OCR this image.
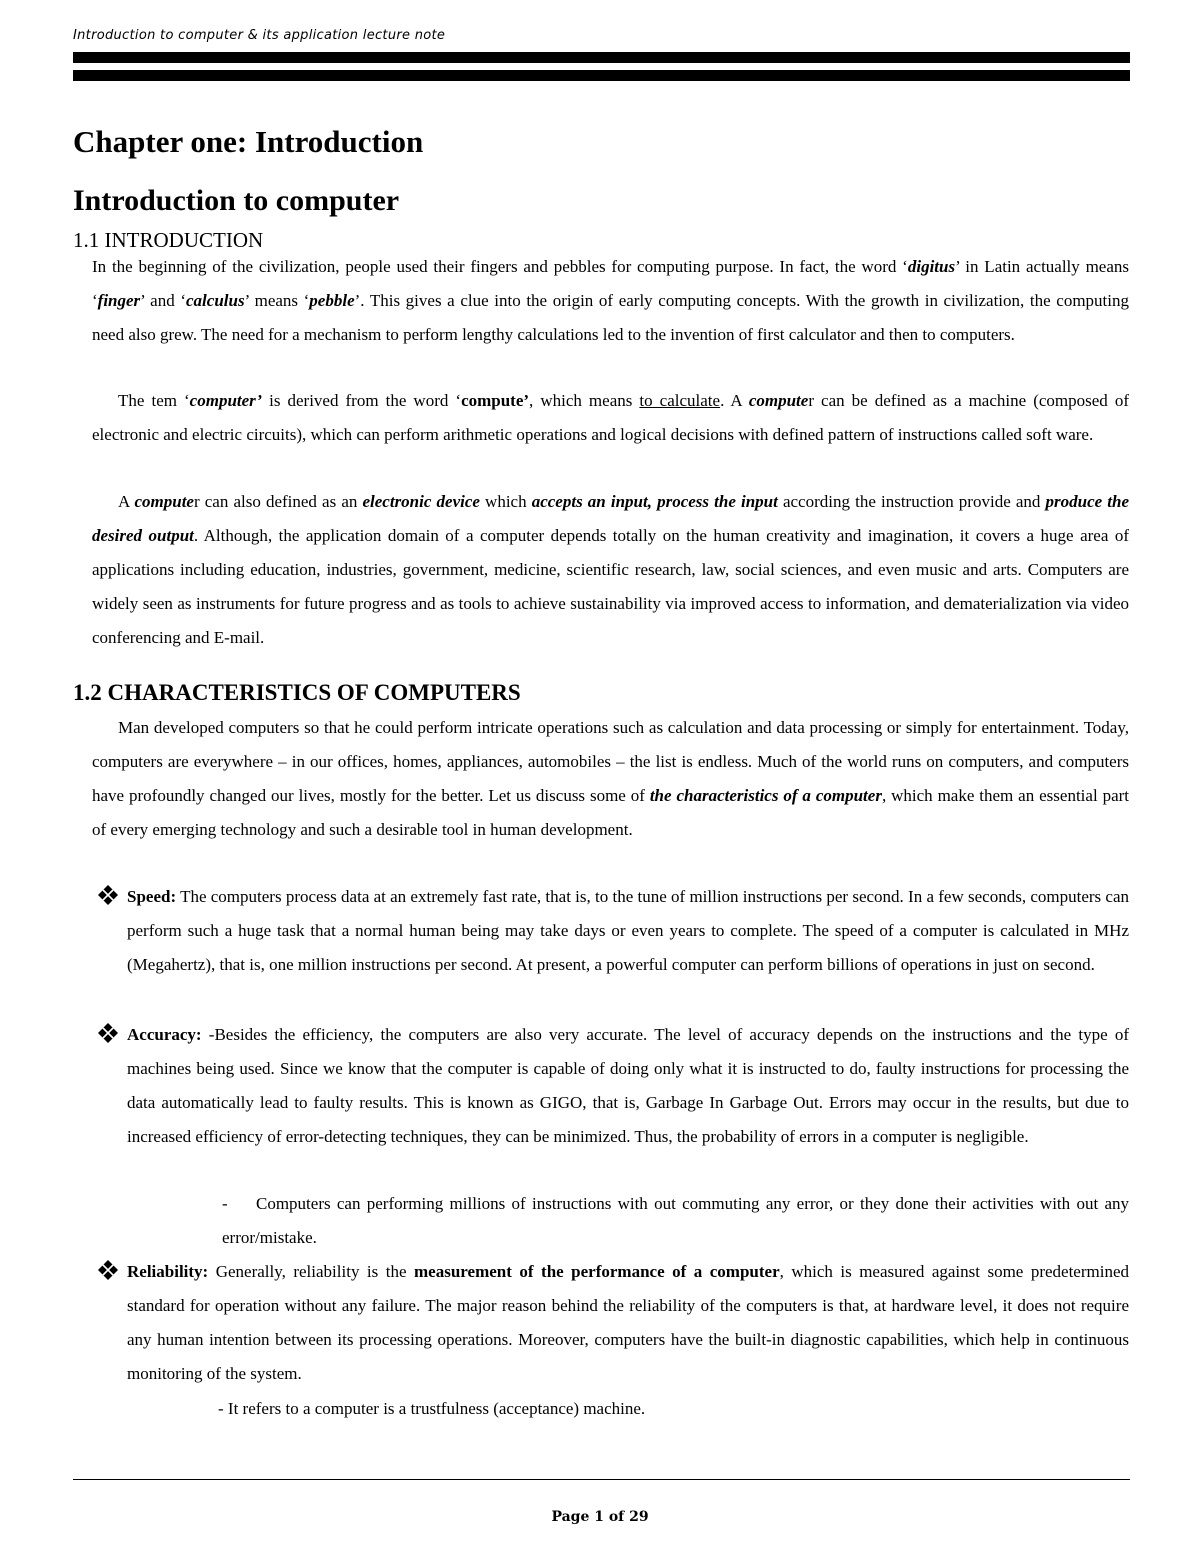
Introduction to computer & its application lecture note
Chapter one: Introduction
Introduction to computer
1.1 INTRODUCTION

In the beginning of the civilization, people used their fingers and pebbles for computing purpose. In fact, the word ‘digitus’ in Latin actually means ‘finger’ and ‘calculus’ means ‘pebble’. This gives a clue into the origin of early computing concepts. With the growth in civilization, the computing need also grew. The need for a mechanism to perform lengthy calculations led to the invention of first calculator and then to computers.

The tem ‘computer’ is derived from the word ‘compute’, which means to calculate. A computer can be defined as a machine (composed of electronic and electric circuits), which can perform arithmetic operations and logical decisions with defined pattern of instructions called soft ware.

A computer can also defined as an electronic device which accepts an input, process the input according the instruction provide and produce the desired output. Although, the application domain of a computer depends totally on the human creativity and imagination, it covers a huge area of applications including education, industries, government, medicine, scientific research, law, social sciences, and even music and arts. Computers are widely seen as instruments for future progress and as tools to achieve sustainability via improved access to information, and dematerialization via video conferencing and E-mail.

1.2 CHARACTERISTICS OF COMPUTERS

Man developed computers so that he could perform intricate operations such as calculation and data processing or simply for entertainment. Today, computers are everywhere – in our offices, homes, appliances, automobiles – the list is endless. Much of the world runs on computers, and computers have profoundly changed our lives, mostly for the better. Let us discuss some of the characteristics of a computer, which make them an essential part of every emerging technology and such a desirable tool in human development.

Speed: The computers process data at an extremely fast rate, that is, to the tune of million instructions per second. In a few seconds, computers can perform such a huge task that a normal human being may take days or even years to complete. The speed of a computer is calculated in MHz (Megahertz), that is, one million instructions per second. At present, a powerful computer can perform billions of operations in just on second.
Accuracy: -Besides the efficiency, the computers are also very accurate. The level of accuracy depends on the instructions and the type of machines being used. Since we know that the computer is capable of doing only what it is instructed to do, faulty instructions for processing the data automatically lead to faulty results. This is known as GIGO, that is, Garbage In Garbage Out. Errors may occur in the results, but due to increased efficiency of error-detecting techniques, they can be minimized. Thus, the probability of errors in a computer is negligible.

- Computers can performing millions of instructions with out commuting any error, or they done their activities with out any error/mistake.

Reliability: Generally, reliability is the measurement of the performance of a computer, which is measured against some predetermined standard for operation without any failure. The major reason behind the reliability of the computers is that, at hardware level, it does not require any human intention between its processing operations. Moreover, computers have the built-in diagnostic capabilities, which help in continuous monitoring of the system.

- It refers to a computer is a trustfulness (acceptance) machine.

Page 1 of 29
